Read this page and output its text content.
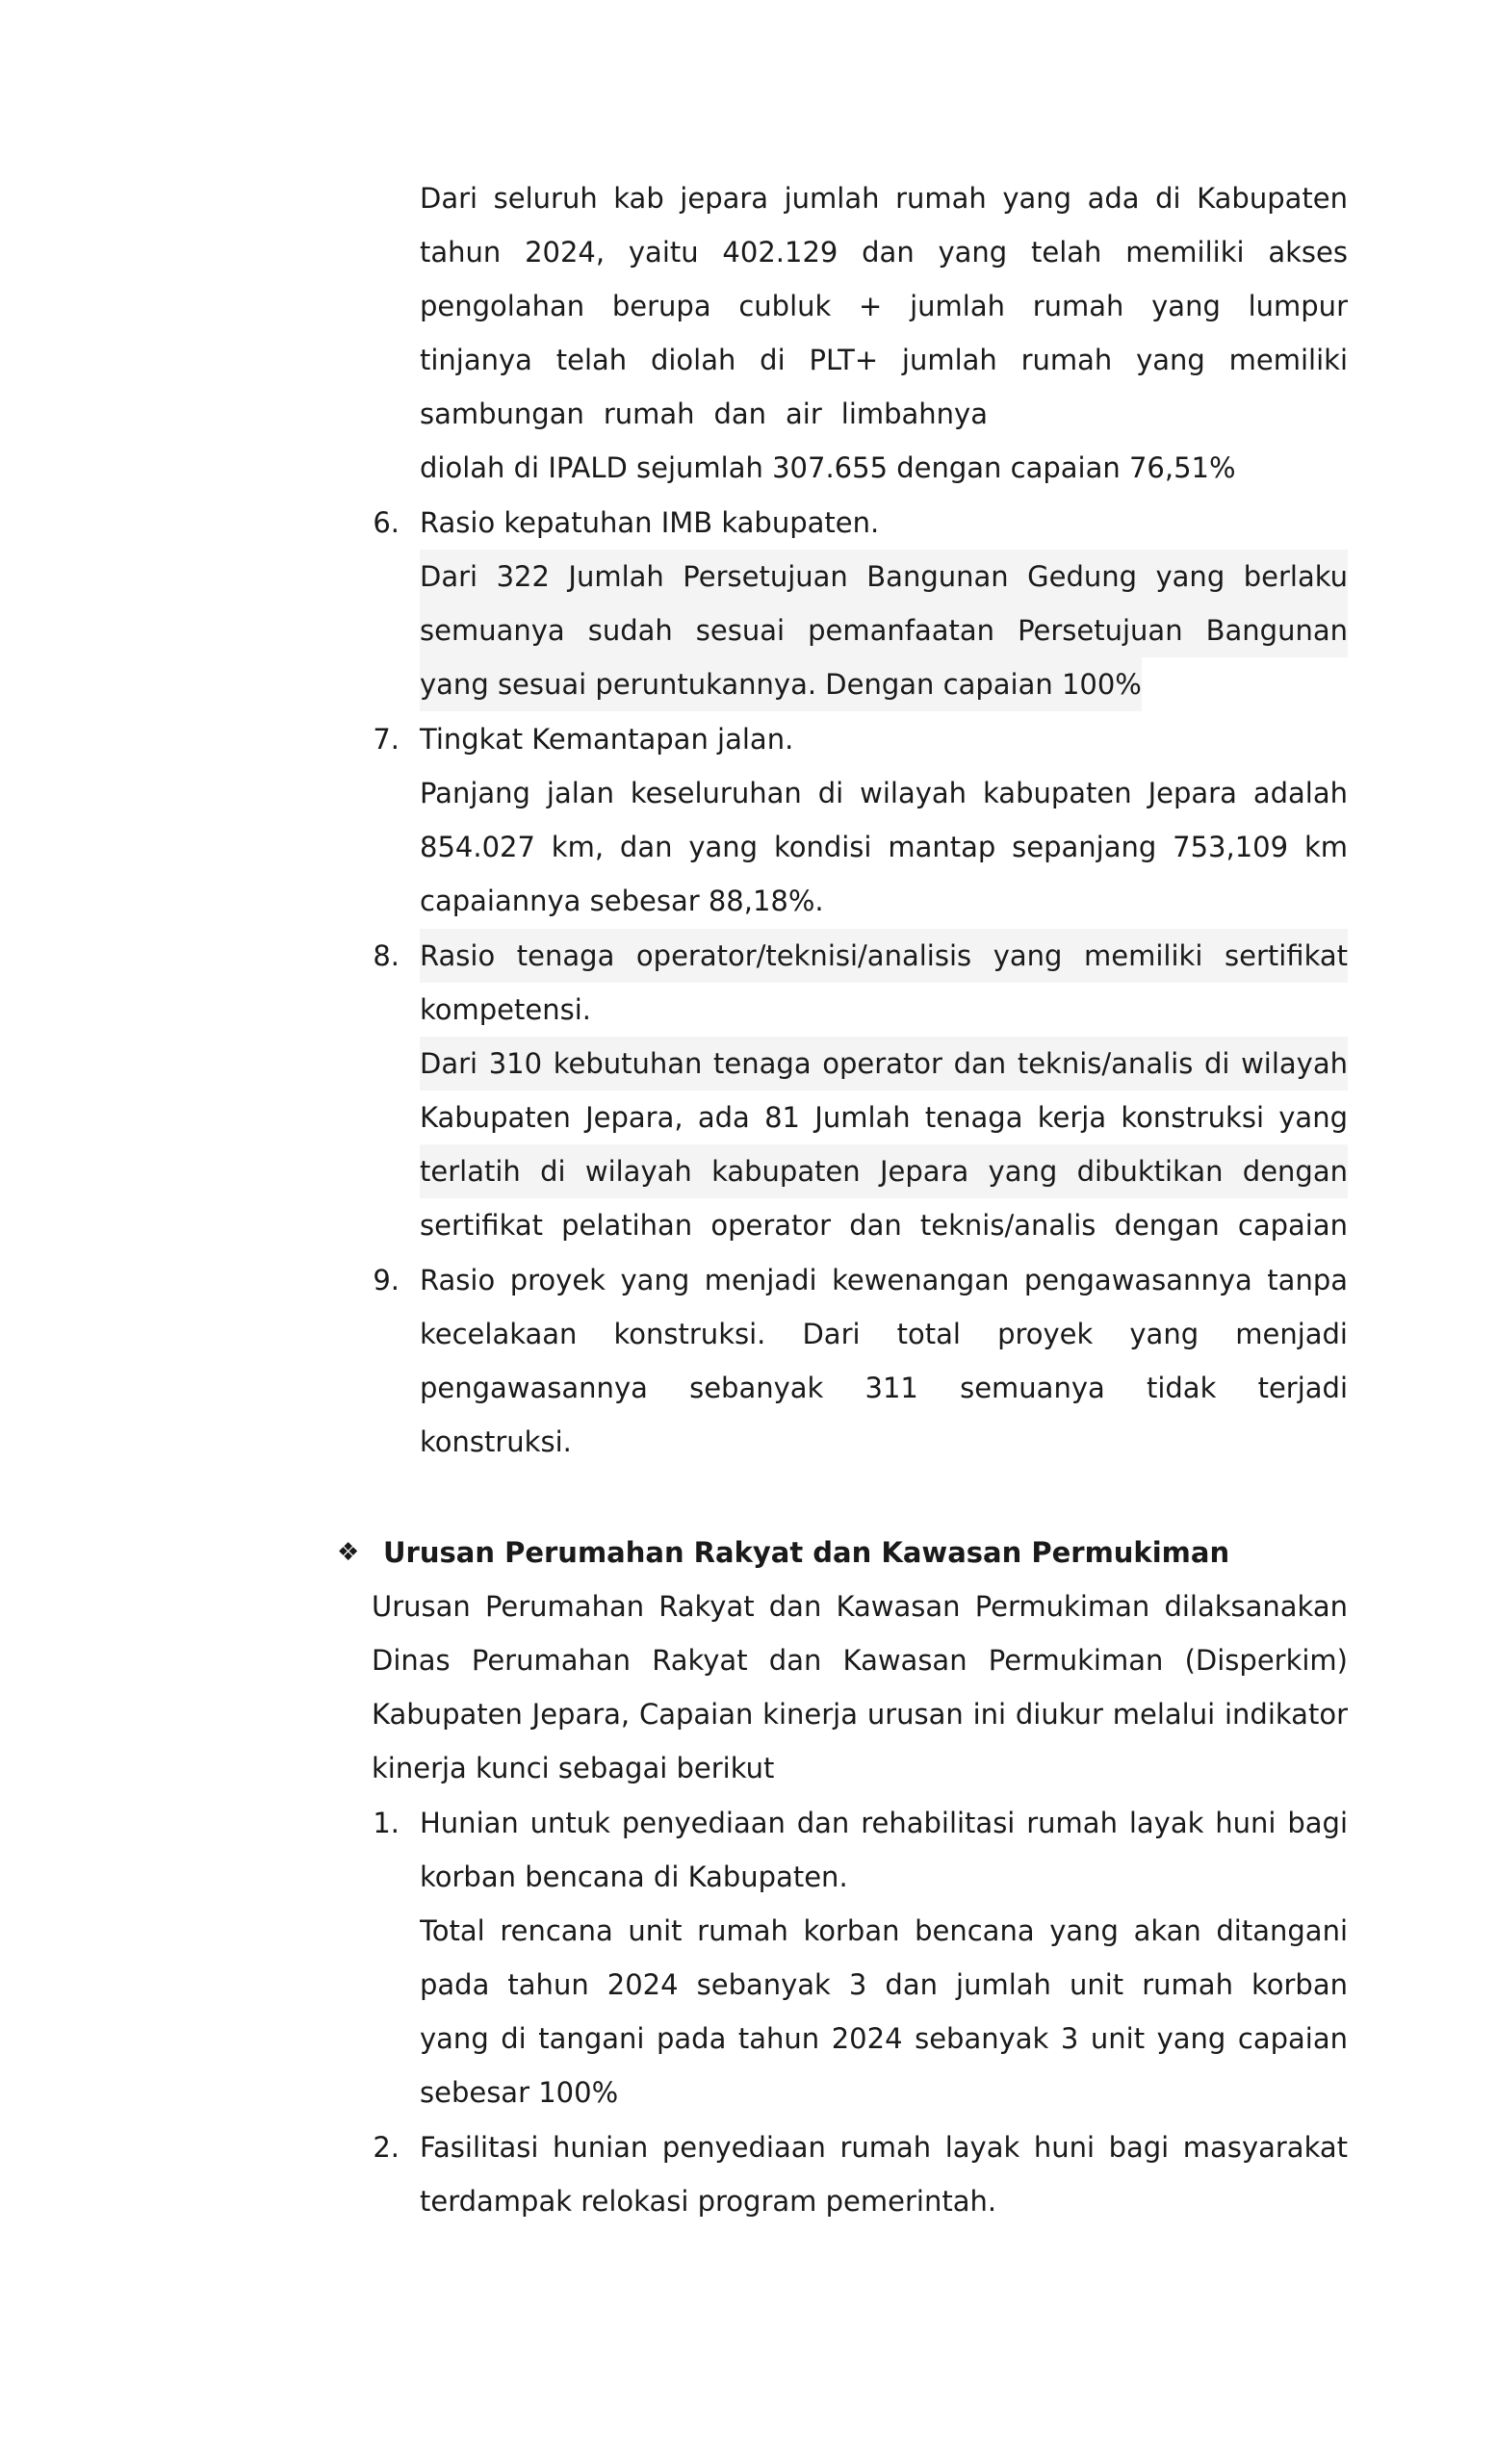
Dari seluruh kab jepara jumlah rumah yang ada di Kabupaten
tahun 2024, yaitu 402.129 dan yang telah memiliki akses
pengolahan berupa cubluk + jumlah rumah yang lumpur
tinjanya telah diolah di PLT+ jumlah rumah yang memiliki
sambungan rumah dan air limbahnya
diolah di IPALD sejumlah 307.655 dengan capaian 76,51%
6. Rasio kepatuhan IMB kabupaten.
Dari 322 Jumlah Persetujuan Bangunan Gedung yang berlaku
semuanya sudah sesuai pemanfaatan Persetujuan Bangunan
yang sesuai peruntukannya. Dengan capaian 100%
7. Tingkat Kemantapan jalan.
Panjang jalan keseluruhan di wilayah kabupaten Jepara adalah
854.027 km, dan yang kondisi mantap sepanjang 753,109 km
capaiannya sebesar 88,18%.
8. Rasio tenaga operator/teknisi/analisis yang memiliki sertifikat
kompetensi.
Dari 310 kebutuhan tenaga operator dan teknis/analis di wilayah
Kabupaten Jepara, ada 81 Jumlah tenaga kerja konstruksi yang
terlatih di wilayah kabupaten Jepara yang dibuktikan dengan
sertifikat pelatihan operator dan teknis/analis dengan capaian
9. Rasio proyek yang menjadi kewenangan pengawasannya tanpa
kecelakaan konstruksi. Dari total proyek yang menjadi
pengawasannya sebanyak 311 semuanya tidak terjadi
konstruksi.
❖ Urusan Perumahan Rakyat dan Kawasan Permukiman
Urusan Perumahan Rakyat dan Kawasan Permukiman dilaksanakan
Dinas Perumahan Rakyat dan Kawasan Permukiman (Disperkim)
Kabupaten Jepara, Capaian kinerja urusan ini diukur melalui indikator
kinerja kunci sebagai berikut
1. Hunian untuk penyediaan dan rehabilitasi rumah layak huni bagi
korban bencana di Kabupaten.
Total rencana unit rumah korban bencana yang akan ditangani
pada tahun 2024 sebanyak 3 dan jumlah unit rumah korban
yang di tangani pada tahun 2024 sebanyak 3 unit yang capaian
sebesar 100%
2. Fasilitasi hunian penyediaan rumah layak huni bagi masyarakat
terdampak relokasi program pemerintah.
